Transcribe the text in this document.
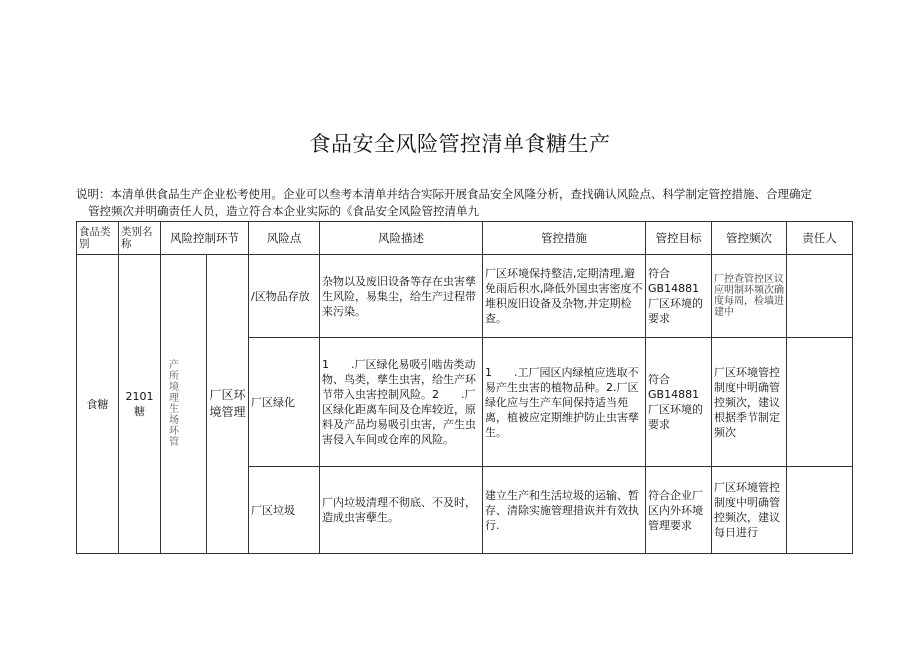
食品安全风险管控清单食糖生产
说明：本清单供食品生产企业松考使用。企业可以叁考本清单并结合实际开展食品安全风隆分析，查找确认风险点、科学制定管控措施、合理确定
管控频次并明确责任人员，造立符合本企业实际的《食品安全风险管控清单九
食品类别	类别名称	风险控制环节		风险点	风险描述	管控措施	管控目标	管控频次	责任人
食糖	2101糖	产所境理生场环管	厂区环境管理	/区物品存放	杂物以及废旧设备等存在虫害孳生风险，易集尘，给生产过程带来污染。	厂区环境保持整洁,定期清理,避免雨后积水,降低外国虫害密度不堆积废旧设备及杂物,并定期检查。	符合GB14881厂区环境的要求	厂控查管控区议应明制环频次确度每周，检墙进建中	

				厂区绿化	1　　.厂区绿化易吸引啮齿类动物、鸟类，孳生虫害，给生产环节带入虫害控制风险。2　　.厂区绿化距离车间及仓库较近，原料及产品均易吸引虫害，产生虫害侵入车间或仓库的风险。	1　　.工厂园区内绿植应选取不易产生虫害的植物品种。2.厂区绿化应与生产车间保持适当苑离，植被应定期维护防止虫害孳生。	符合GB14881厂区环境的要求	厂区环境管控制度中明确管控频次，建议根据季节制定频次	
				厂区垃圾	厂内垃圾清理不彻底、不及时，造成虫害孽生。	建立生产和生活垃圾的运输、暂存、清除实施管理措诙并有效执行.	符合企业厂区内外环境管理要求	厂区环境管控制度中明确管控频次，建议每日进行	
